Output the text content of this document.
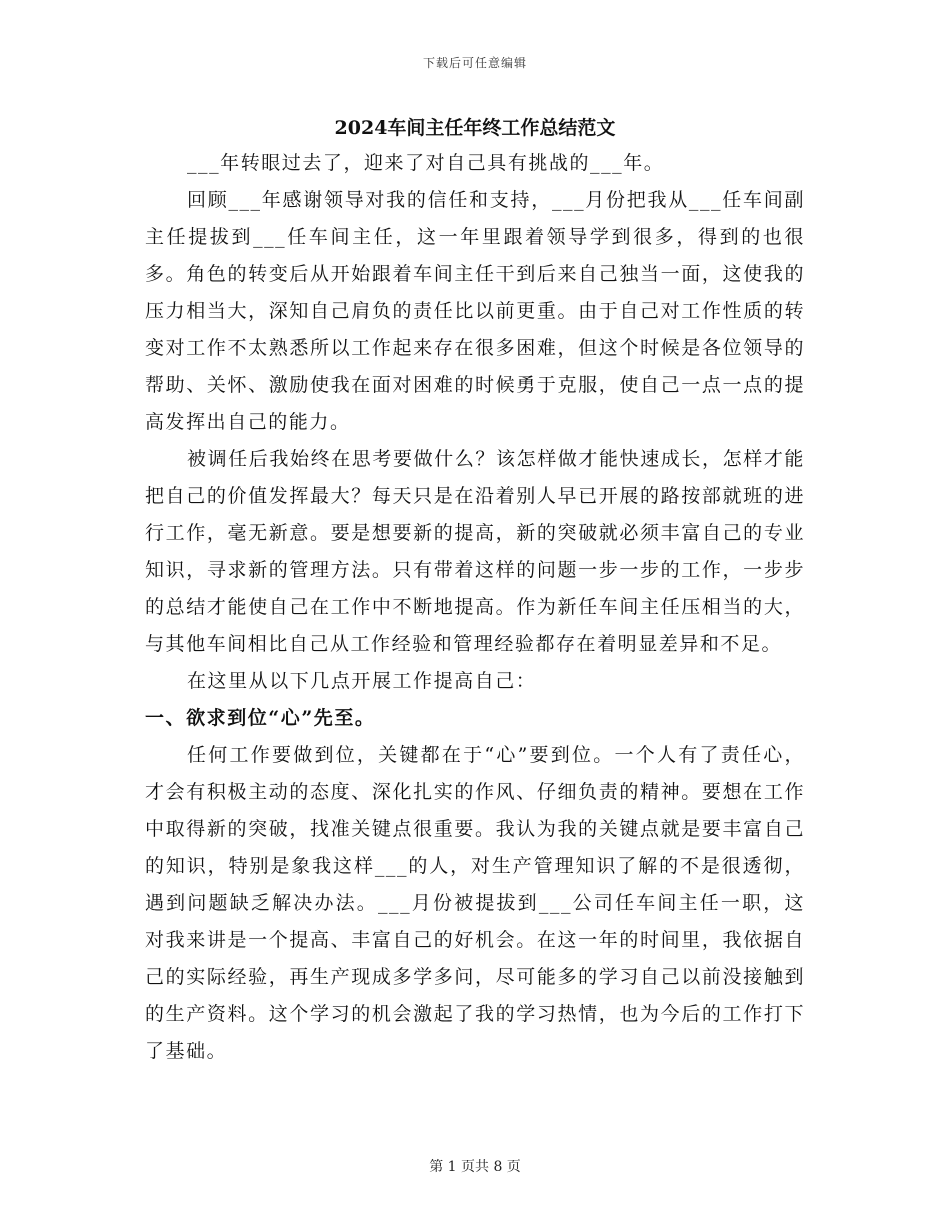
下载后可任意编辑
2024车间主任年终工作总结范文

___年转眼过去了，迎来了对自己具有挑战的___年。

回顾___年感谢领导对我的信任和支持，___月份把我从___任车间副主任提拔到___任车间主任，这一年里跟着领导学到很多，得到的也很多。角色的转变后从开始跟着车间主任干到后来自己独当一面，这使我的压力相当大，深知自己肩负的责任比以前更重。由于自己对工作性质的转变对工作不太熟悉所以工作起来存在很多困难，但这个时候是各位领导的帮助、关怀、激励使我在面对困难的时候勇于克服，使自己一点一点的提高发挥出自己的能力。

被调任后我始终在思考要做什么？该怎样做才能快速成长，怎样才能把自己的价值发挥最大？每天只是在沿着别人早已开展的路按部就班的进行工作，毫无新意。要是想要新的提高，新的突破就必须丰富自己的专业知识，寻求新的管理方法。只有带着这样的问题一步一步的工作，一步步的总结才能使自己在工作中不断地提高。作为新任车间主任压相当的大，与其他车间相比自己从工作经验和管理经验都存在着明显差异和不足。

在这里从以下几点开展工作提高自己：

一、欲求到位“心”先至。

任何工作要做到位，关键都在于“心”要到位。一个人有了责任心，才会有积极主动的态度、深化扎实的作风、仔细负责的精神。要想在工作中取得新的突破，找准关键点很重要。我认为我的关键点就是要丰富自己的知识，特别是象我这样___的人，对生产管理知识了解的不是很透彻，遇到问题缺乏解决办法。___月份被提拔到___公司任车间主任一职，这对我来讲是一个提高、丰富自己的好机会。在这一年的时间里，我依据自己的实际经验，再生产现成多学多问，尽可能多的学习自己以前没接触到的生产资料。这个学习的机会激起了我的学习热情，也为今后的工作打下了基础。

第 1 页共 8 页
